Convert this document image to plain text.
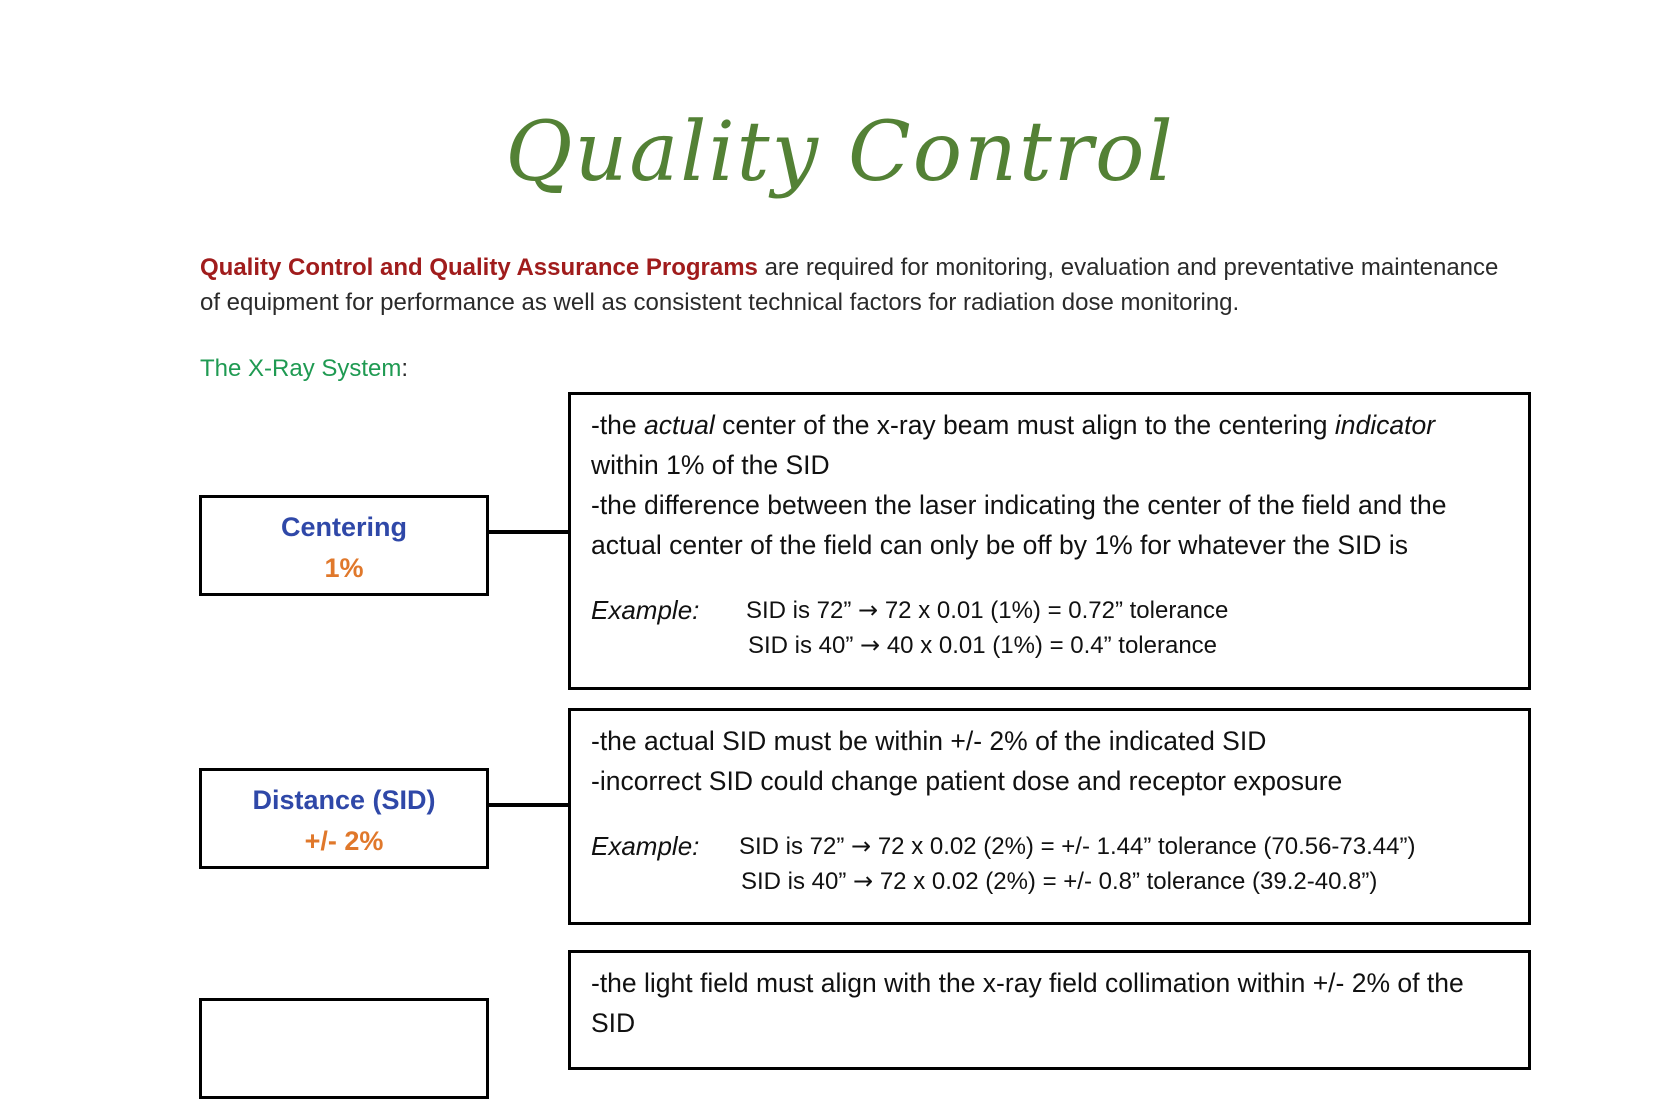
Quality Control

Quality Control and Quality Assurance Programs are required for monitoring, evaluation and preventative maintenance of equipment for performance as well as consistent technical factors for radiation dose monitoring.

The X-Ray System:
Centering
1%

-the actual center of the x-ray beam must align to the centering indicator within 1% of the SID

-the difference between the laser indicating the center of the field and the actual center of the field can only be off by 1% for whatever the SID is

Example:	SID is 72” → 72 x 0.01 (1%) = 0.72” tolerance
SID is 40” → 40 x 0.01 (1%) = 0.4” tolerance
Distance (SID)
+/- 2%

-the actual SID must be within +/- 2% of the indicated SID

-incorrect SID could change patient dose and receptor exposure

Example:	SID is 72” → 72 x 0.02 (2%) = +/- 1.44” tolerance (70.56-73.44”)
SID is 40” → 72 x 0.02 (2%) = +/- 0.8” tolerance (39.2-40.8”)

-the light field must align with the x-ray field collimation within +/- 2% of the SID
